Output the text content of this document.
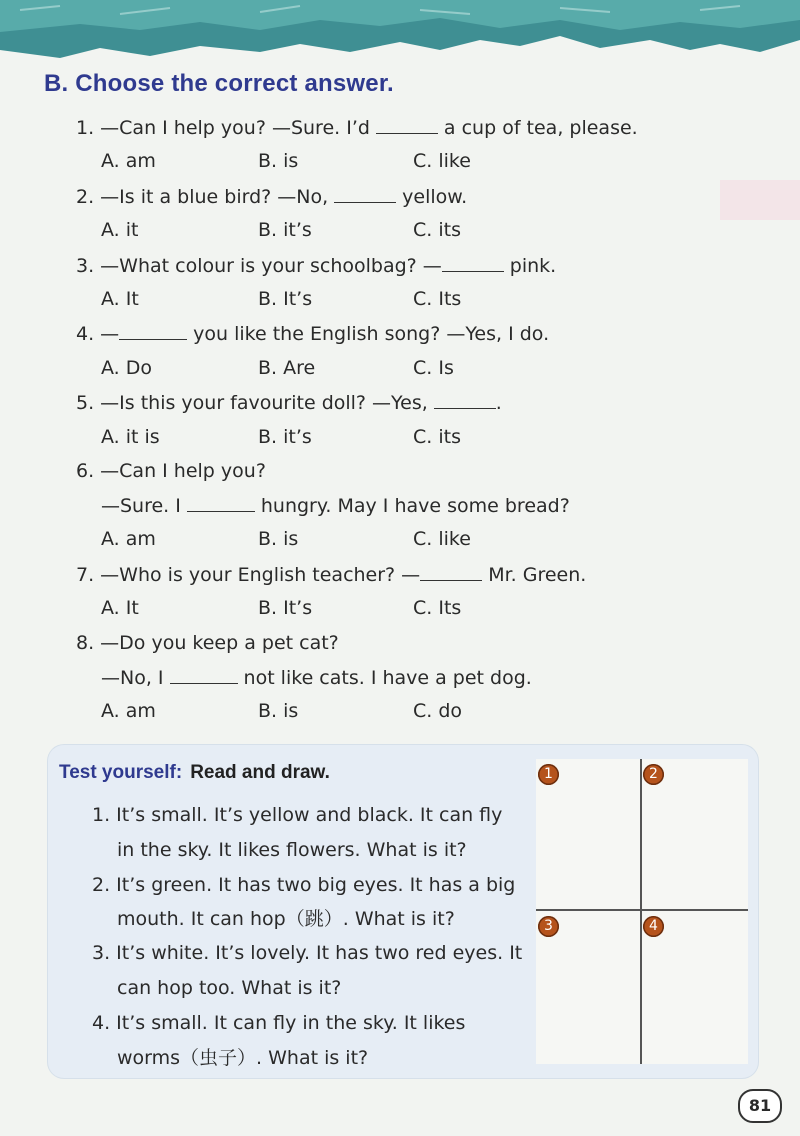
B. Choose the correct answer.
1. —Can I help you? —Sure. I’d	a cup of tea, please.
A. am	B. is	C. like
2. —Is it a blue bird? —No,	yellow.
A. it	B. it’s	C. its
3. —What colour is your schoolbag? —	pink.
A. It	B. It’s	C. Its
4. —	you like the English song? —Yes, I do.
A. Do	B. Are	C. Is
5. —Is this your favourite doll? —Yes,	.
A. it is	B. it’s	C. its
6. —Can I help you?
—Sure. I	hungry. May I have some bread?
A. am	B. is	C. like
7. —Who is your English teacher? —	Mr. Green.
A. It	B. It’s	C. Its
8. —Do you keep a pet cat?
—No, I	not like cats. I have a pet dog.
A. am	B. is	C. do
Test yourself: Read and draw.
1. It’s small. It’s yellow and black. It can fly
in the sky. It likes flowers. What is it?
2. It’s green. It has two big eyes. It has a big
mouth. It can hop（跳）. What is it?
3. It’s white. It’s lovely. It has two red eyes. It
can hop too. What is it?
4. It’s small. It can fly in the sky. It likes
worms（虫子）. What is it?
1	2
3	4
81
